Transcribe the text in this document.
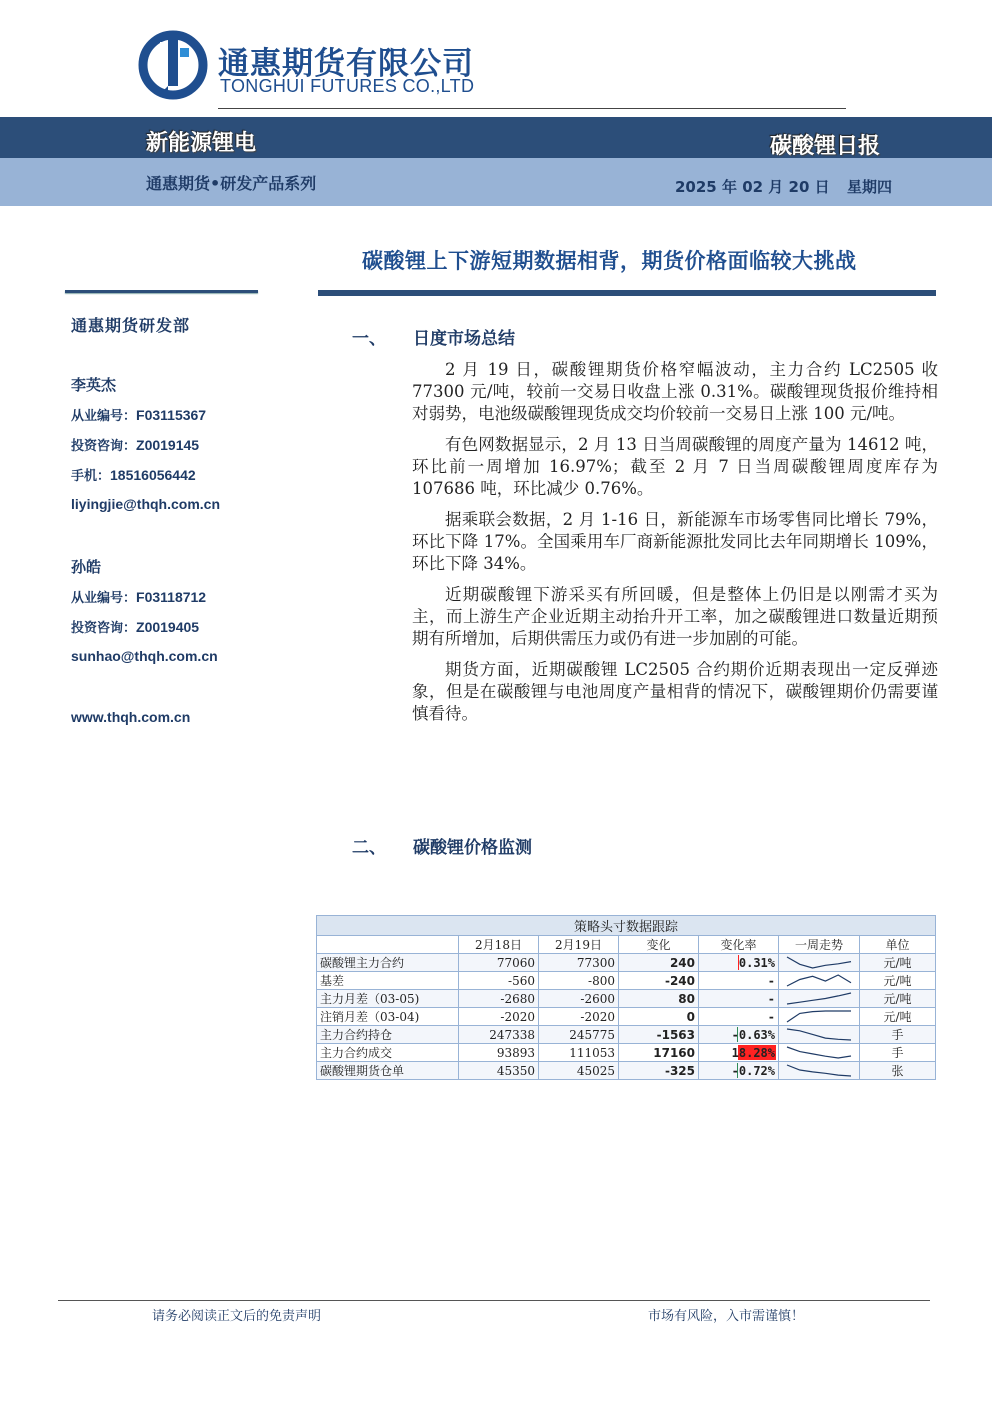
通惠期货有限公司
TONGHUI FUTURES CO.,LTD
新能源锂电	碳酸锂日报
通惠期货•研发产品系列	2025 年 02 月 20 日 星期四
碳酸锂上下游短期数据相背，期货价格面临较大挑战
通惠期货研发部
李英杰
从业编号：F03115367
投资咨询：Z0019145
手机：18516056442
liyingjie@thqh.com.cn
孙皓
从业编号：F03118712
投资咨询：Z0019405
sunhao@thqh.com.cn
www.thqh.com.cn
一、 日度市场总结

2 月 19 日，碳酸锂期货价格窄幅波动，主力合约 LC2505 收 77300 元/吨，较前一交易日收盘上涨 0.31%。碳酸锂现货报价维持相对弱势，电池级碳酸锂现货成交均价较前一交易日上涨 100 元/吨。

有色网数据显示，2 月 13 日当周碳酸锂的周度产量为 14612 吨，环比前一周增加 16.97%；截至 2 月 7 日当周碳酸锂周度库存为 107686 吨，环比减少 0.76%。

据乘联会数据，2 月 1-16 日，新能源车市场零售同比增长 79%，环比下降 17%。全国乘用车厂商新能源批发同比去年同期增长 109%，环比下降 34%。

近期碳酸锂下游采买有所回暖，但是整体上仍旧是以刚需才买为主，而上游生产企业近期主动抬升开工率，加之碳酸锂进口数量近期预期有所增加，后期供需压力或仍有进一步加剧的可能。

期货方面，近期碳酸锂 LC2505 合约期价近期表现出一定反弹迹象，但是在碳酸锂与电池周度产量相背的情况下，碳酸锂期价仍需要谨慎看待。

二、 碳酸锂价格监测
策略头寸数据跟踪						
	2月18日	2月19日	变化	变化率	一周走势	单位
碳酸锂主力合约	77060	77300	240	0.31%		元/吨
基差	-560	-800	-240	-		元/吨
主力月差（03-05)	-2680	-2600	80	-		元/吨
注销月差（03-04)	-2020	-2020	0	-		元/吨
主力合约持仓	247338	245775	-1563	-0.63%		手
主力合约成交	93893	111053	17160	18.28%		手
碳酸锂期货仓单	45350	45025	-325	-0.72%		张
请务必阅读正文后的免责声明	市场有风险，入市需谨慎！
